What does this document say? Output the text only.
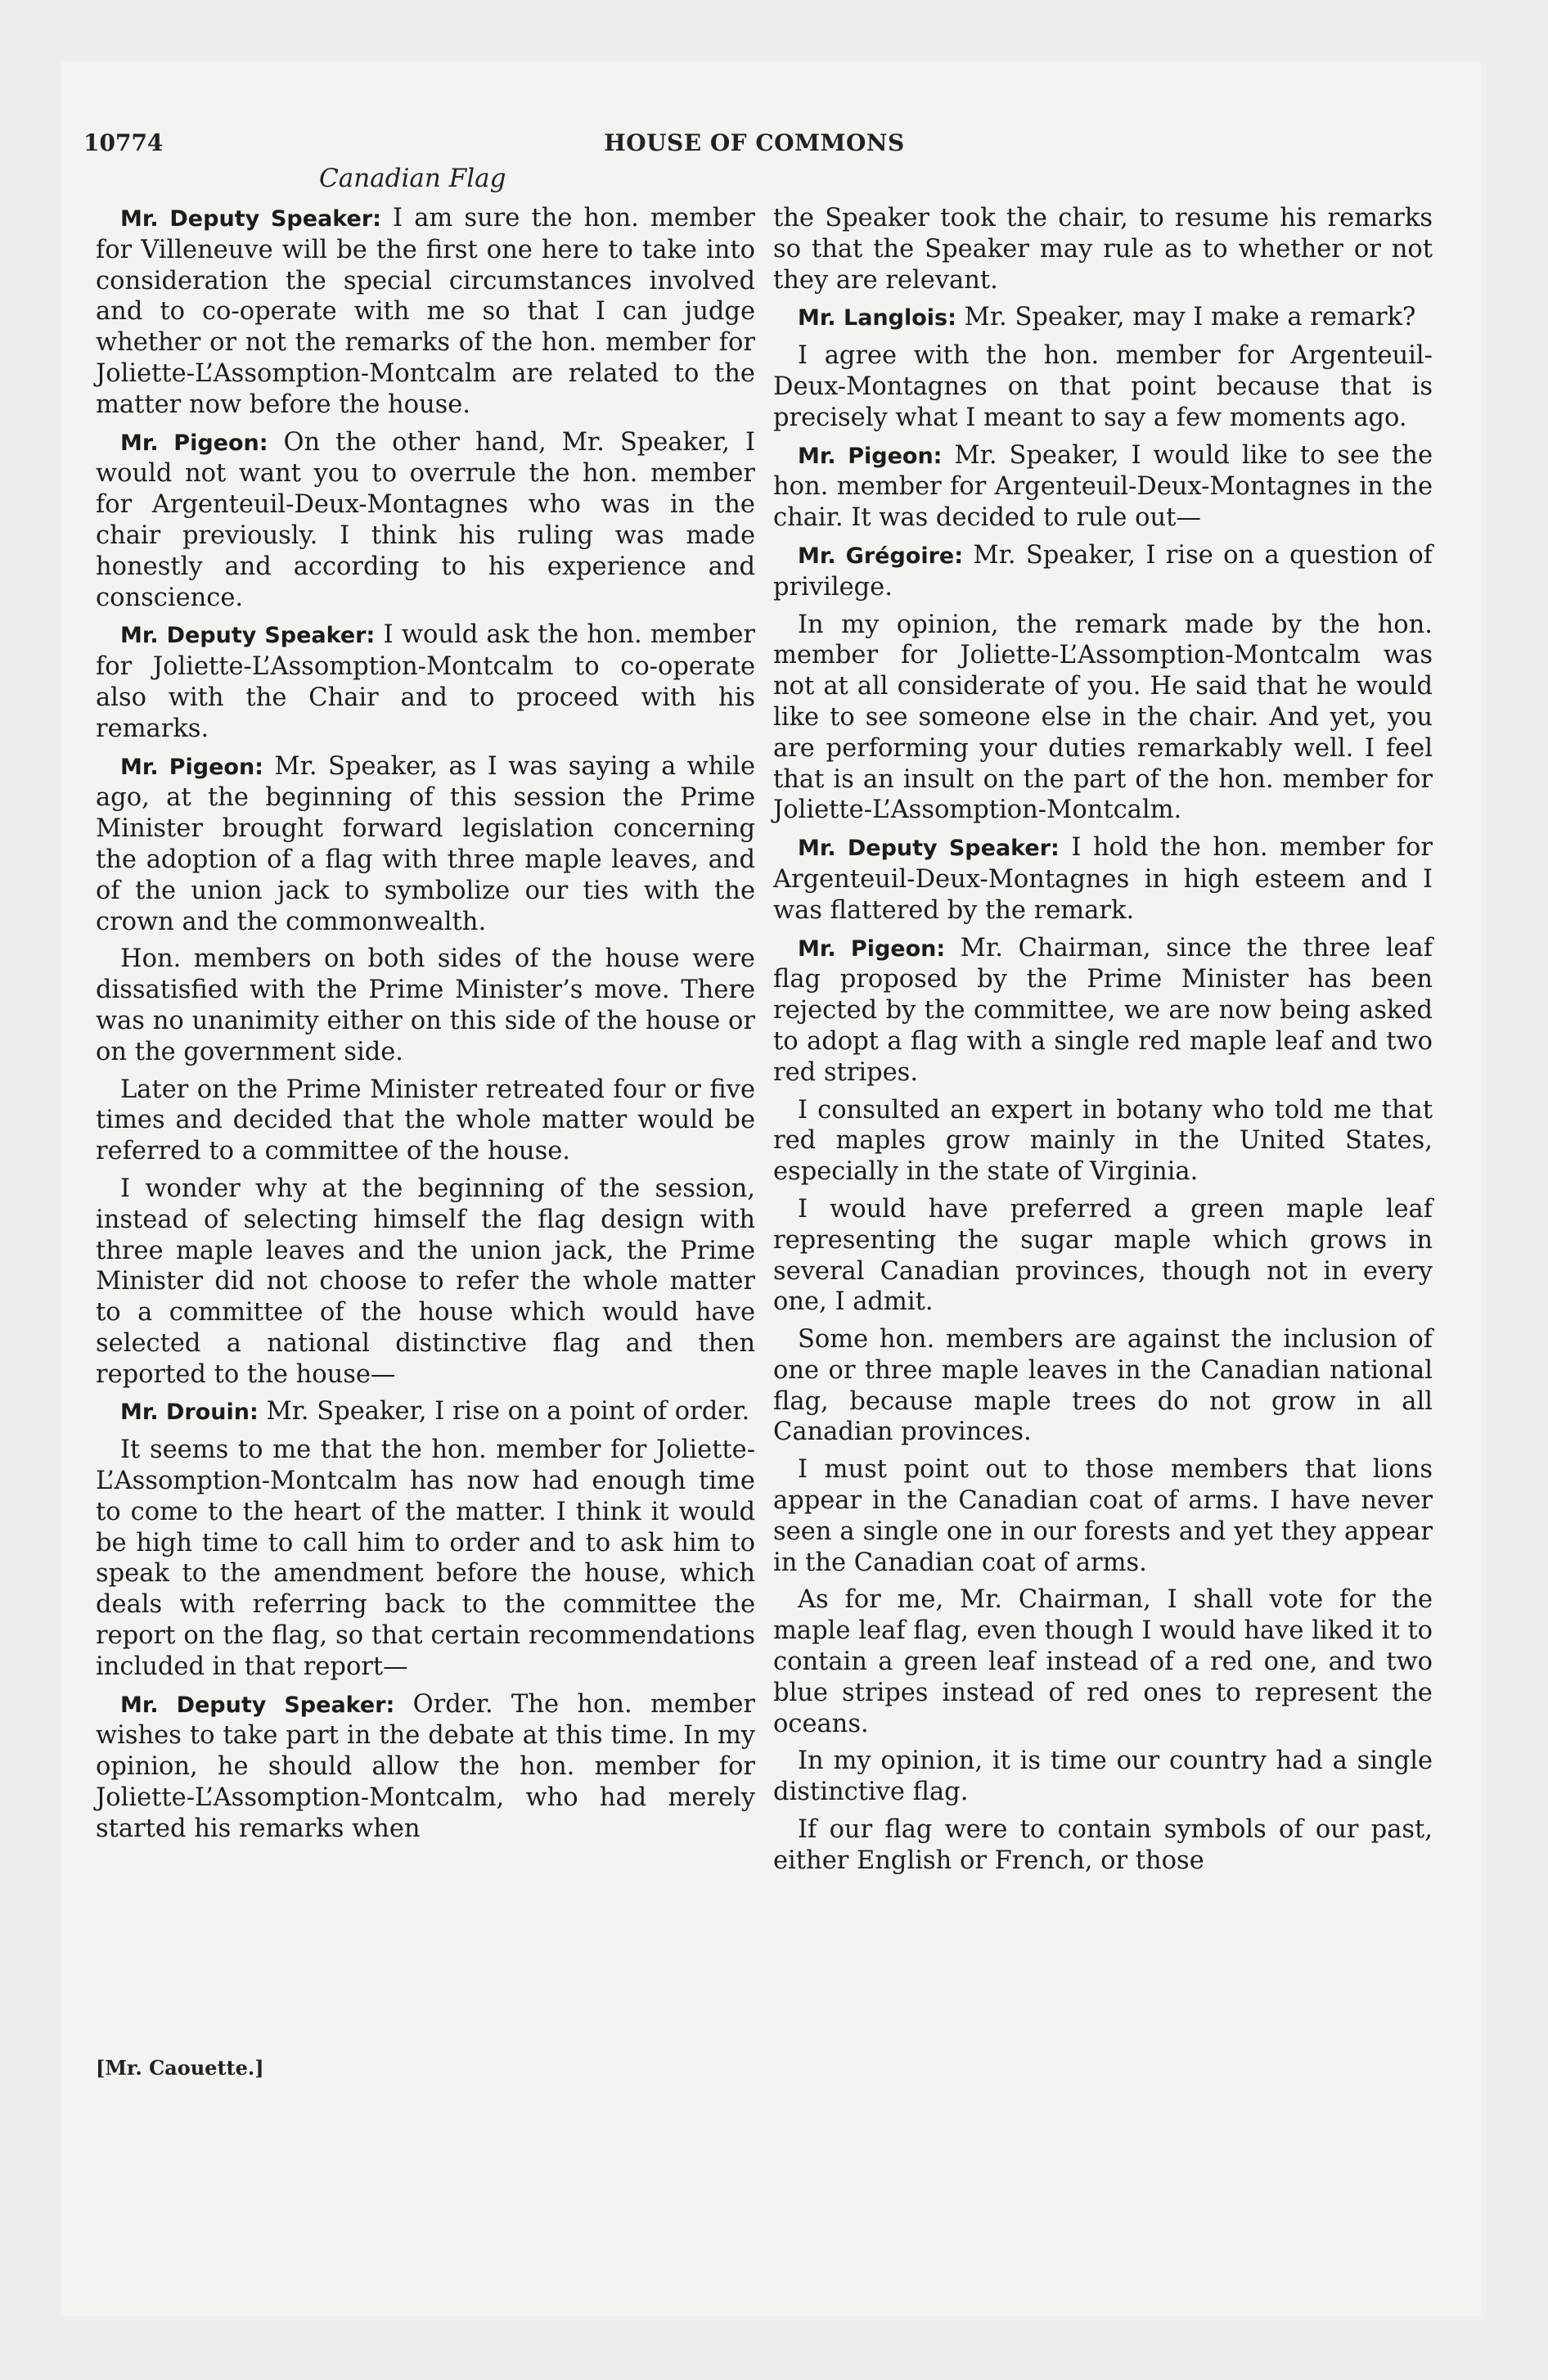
10774	HOUSE OF COMMONS
Canadian Flag

Mr. Deputy Speaker: I am sure the hon. member for Villeneuve will be the first one here to take into consideration the special circumstances involved and to co-operate with me so that I can judge whether or not the remarks of the hon. member for Joliette-L’Assomption-Montcalm are related to the matter now before the house.

Mr. Pigeon: On the other hand, Mr. Speaker, I would not want you to overrule the hon. member for Argenteuil-Deux-Montagnes who was in the chair previously. I think his ruling was made honestly and according to his experience and conscience.

Mr. Deputy Speaker: I would ask the hon. member for Joliette-L’Assomption-Montcalm to co-operate also with the Chair and to proceed with his remarks.

Mr. Pigeon: Mr. Speaker, as I was saying a while ago, at the beginning of this session the Prime Minister brought forward legislation concerning the adoption of a flag with three maple leaves, and of the union jack to symbolize our ties with the crown and the commonwealth.

Hon. members on both sides of the house were dissatisfied with the Prime Minister’s move. There was no unanimity either on this side of the house or on the government side.

Later on the Prime Minister retreated four or five times and decided that the whole matter would be referred to a committee of the house.

I wonder why at the beginning of the session, instead of selecting himself the flag design with three maple leaves and the union jack, the Prime Minister did not choose to refer the whole matter to a committee of the house which would have selected a national distinctive flag and then reported to the house—

Mr. Drouin: Mr. Speaker, I rise on a point of order.

It seems to me that the hon. member for Joliette-L’Assomption-Montcalm has now had enough time to come to the heart of the matter. I think it would be high time to call him to order and to ask him to speak to the amendment before the house, which deals with referring back to the committee the report on the flag, so that certain recommendations included in that report—

Mr. Deputy Speaker: Order. The hon. member wishes to take part in the debate at this time. In my opinion, he should allow the hon. member for Joliette-L’Assomption-Montcalm, who had merely started his remarks when

the Speaker took the chair, to resume his remarks so that the Speaker may rule as to whether or not they are relevant.

Mr. Langlois: Mr. Speaker, may I make a remark?

I agree with the hon. member for Argenteuil-Deux-Montagnes on that point because that is precisely what I meant to say a few moments ago.

Mr. Pigeon: Mr. Speaker, I would like to see the hon. member for Argenteuil-Deux-Montagnes in the chair. It was decided to rule out—

Mr. Grégoire: Mr. Speaker, I rise on a question of privilege.

In my opinion, the remark made by the hon. member for Joliette-L’Assomption-Montcalm was not at all considerate of you. He said that he would like to see someone else in the chair. And yet, you are performing your duties remarkably well. I feel that is an insult on the part of the hon. member for Joliette-L’Assomption-Montcalm.

Mr. Deputy Speaker: I hold the hon. member for Argenteuil-Deux-Montagnes in high esteem and I was flattered by the remark.

Mr. Pigeon: Mr. Chairman, since the three leaf flag proposed by the Prime Minister has been rejected by the committee, we are now being asked to adopt a flag with a single red maple leaf and two red stripes.

I consulted an expert in botany who told me that red maples grow mainly in the United States, especially in the state of Virginia.

I would have preferred a green maple leaf representing the sugar maple which grows in several Canadian provinces, though not in every one, I admit.

Some hon. members are against the inclusion of one or three maple leaves in the Canadian national flag, because maple trees do not grow in all Canadian provinces.

I must point out to those members that lions appear in the Canadian coat of arms. I have never seen a single one in our forests and yet they appear in the Canadian coat of arms.

As for me, Mr. Chairman, I shall vote for the maple leaf flag, even though I would have liked it to contain a green leaf instead of a red one, and two blue stripes instead of red ones to represent the oceans.

In my opinion, it is time our country had a single distinctive flag.

If our flag were to contain symbols of our past, either English or French, or those

[Mr. Caouette.]
